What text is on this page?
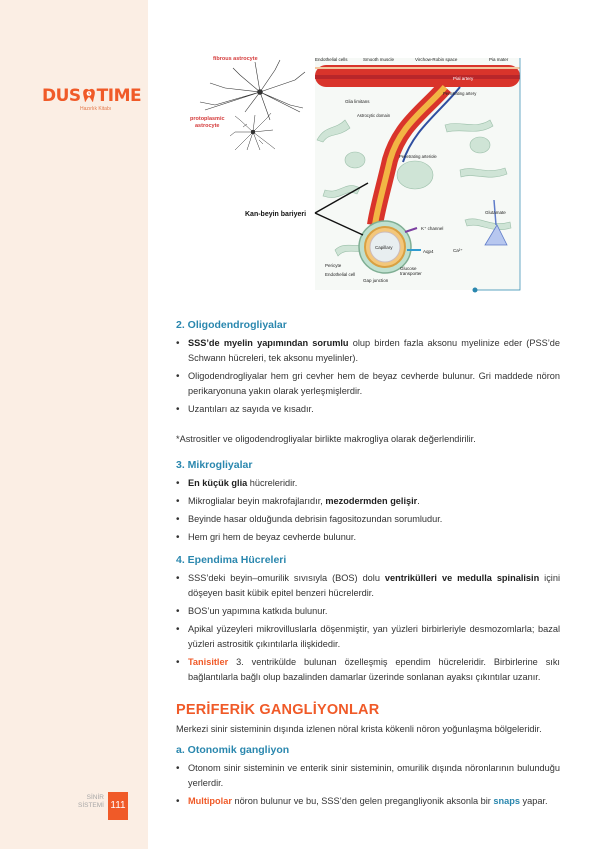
DUS TIME
Hazırlık Kitabı
SİNİR
SİSTEMİ 111
fibrous astrocyte
protoplasmic
astrocyte
Endothelial cells	Smooth muscle	Virchow-Robin space	Pia mater
Pial artery
Penetrating artery
Glia limitans
Astrocytic domain
Penetrating arteriole
Kan-beyin bariyeri	Glutamate
K⁺ channel
Aqp4
Capillary
Ca²⁺
Pericyte
Glucose
transporter
Endothelial cell
Gap junction
2. Oligodendrogliyalar
• SSS’de myelin yapımından sorumlu olup birden fazla aksonu myelinize eder (PSS’de Schwann hücreleri, tek aksonu myelinler).
• Oligodendrogliyalar hem gri cevher hem de beyaz cevherde bulunur. Gri maddede nöron perikaryonuna yakın olarak yerleşmişlerdir.
• Uzantıları az sayıda ve kısadır.
*Astrositler ve oligodendrogliyalar birlikte makrogliya olarak değerlendirilir.
3. Mikrogliyalar
• En küçük glia hücreleridir.
• Mikroglialar beyin makrofajlarıdır, mezodermden gelişir.
• Beyinde hasar olduğunda debrisin fagositozundan sorumludur.
• Hem gri hem de beyaz cevherde bulunur.
4. Ependima Hücreleri
• SSS’deki beyin–omurilik sıvısıyla (BOS) dolu ventrikülleri ve medulla spinalisin içini döşeyen basit kübik epitel benzeri hücrelerdir.
• BOS’un yapımına katkıda bulunur.
• Apikal yüzeyleri mikrovilluslarla döşenmiştir, yan yüzleri birbirleriyle desmozomlarla; bazal yüzleri astrositik çıkıntılarla ilişkidedir.
• Tanisitler 3. ventrikülde bulunan özelleşmiş ependim hücreleridir. Birbirlerine sıkı bağlantılarla bağlı olup bazalinden damarlar üzerinde sonlanan ayaksı çıkıntılar uzanır.
PERİFERİK GANGLİYONLAR
Merkezi sinir sisteminin dışında izlenen nöral krista kökenli nöron yoğunlaşma bölgeleridir.
a. Otonomik gangliyon
• Otonom sinir sisteminin ve enterik sinir sisteminin, omurilik dışında nöronlarının bulunduğu yerlerdir.
• Multipolar nöron bulunur ve bu, SSS’den gelen pregangliyonik aksonla bir snaps yapar.
